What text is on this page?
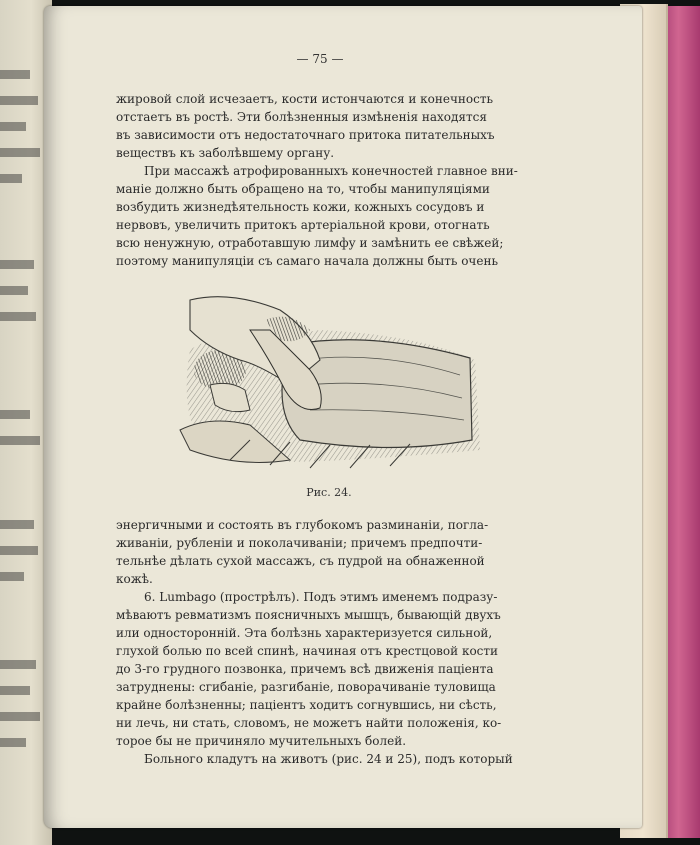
— 75 —
жировой слой исчезаетъ, кости истончаются и конечность
отстаетъ въ ростѣ. Эти болѣзненныя измѣненія находятся
въ зависимости отъ недостаточнаго притока питательныхъ
веществъ къ заболѣвшему органу.
При массажѣ атрофированныхъ конечностей главное вни-
маніе должно быть обращено на то, чтобы манипуляціями
возбудить жизнедѣятельность кожи, кожныхъ сосудовъ и
нервовъ, увеличить притокъ артеріальной крови, отогнать
всю ненужную, отработавшую лимфу и замѣнить ее свѣжей;
поэтому манипуляціи съ самаго начала должны быть очень
Рис. 24.
энергичными и состоять въ глубокомъ разминаніи, погла-
живаніи, рубленіи и поколачиваніи; причемъ предпочти-
тельнѣе дѣлать сухой массажъ, съ пудрой на обнаженной
кожѣ.
6. Lumbago (прострѣлъ). Подъ этимъ именемъ подразу-
мѣваютъ ревматизмъ поясничныхъ мышцъ, бывающій двухъ
или односторонній. Эта болѣзнь характеризуется сильной,
глухой болью по всей спинѣ, начиная отъ крестцовой кости
до 3-го грудного позвонка, причемъ всѣ движенія паціента
затруднены: сгибаніе, разгибаніе, поворачиваніе туловища
крайне болѣзненны; паціентъ ходитъ согнувшись, ни сѣсть,
ни лечь, ни стать, словомъ, не можетъ найти положенія, ко-
торое бы не причиняло мучительныхъ болей.
Больного кладутъ на животъ (рис. 24 и 25), подъ который
